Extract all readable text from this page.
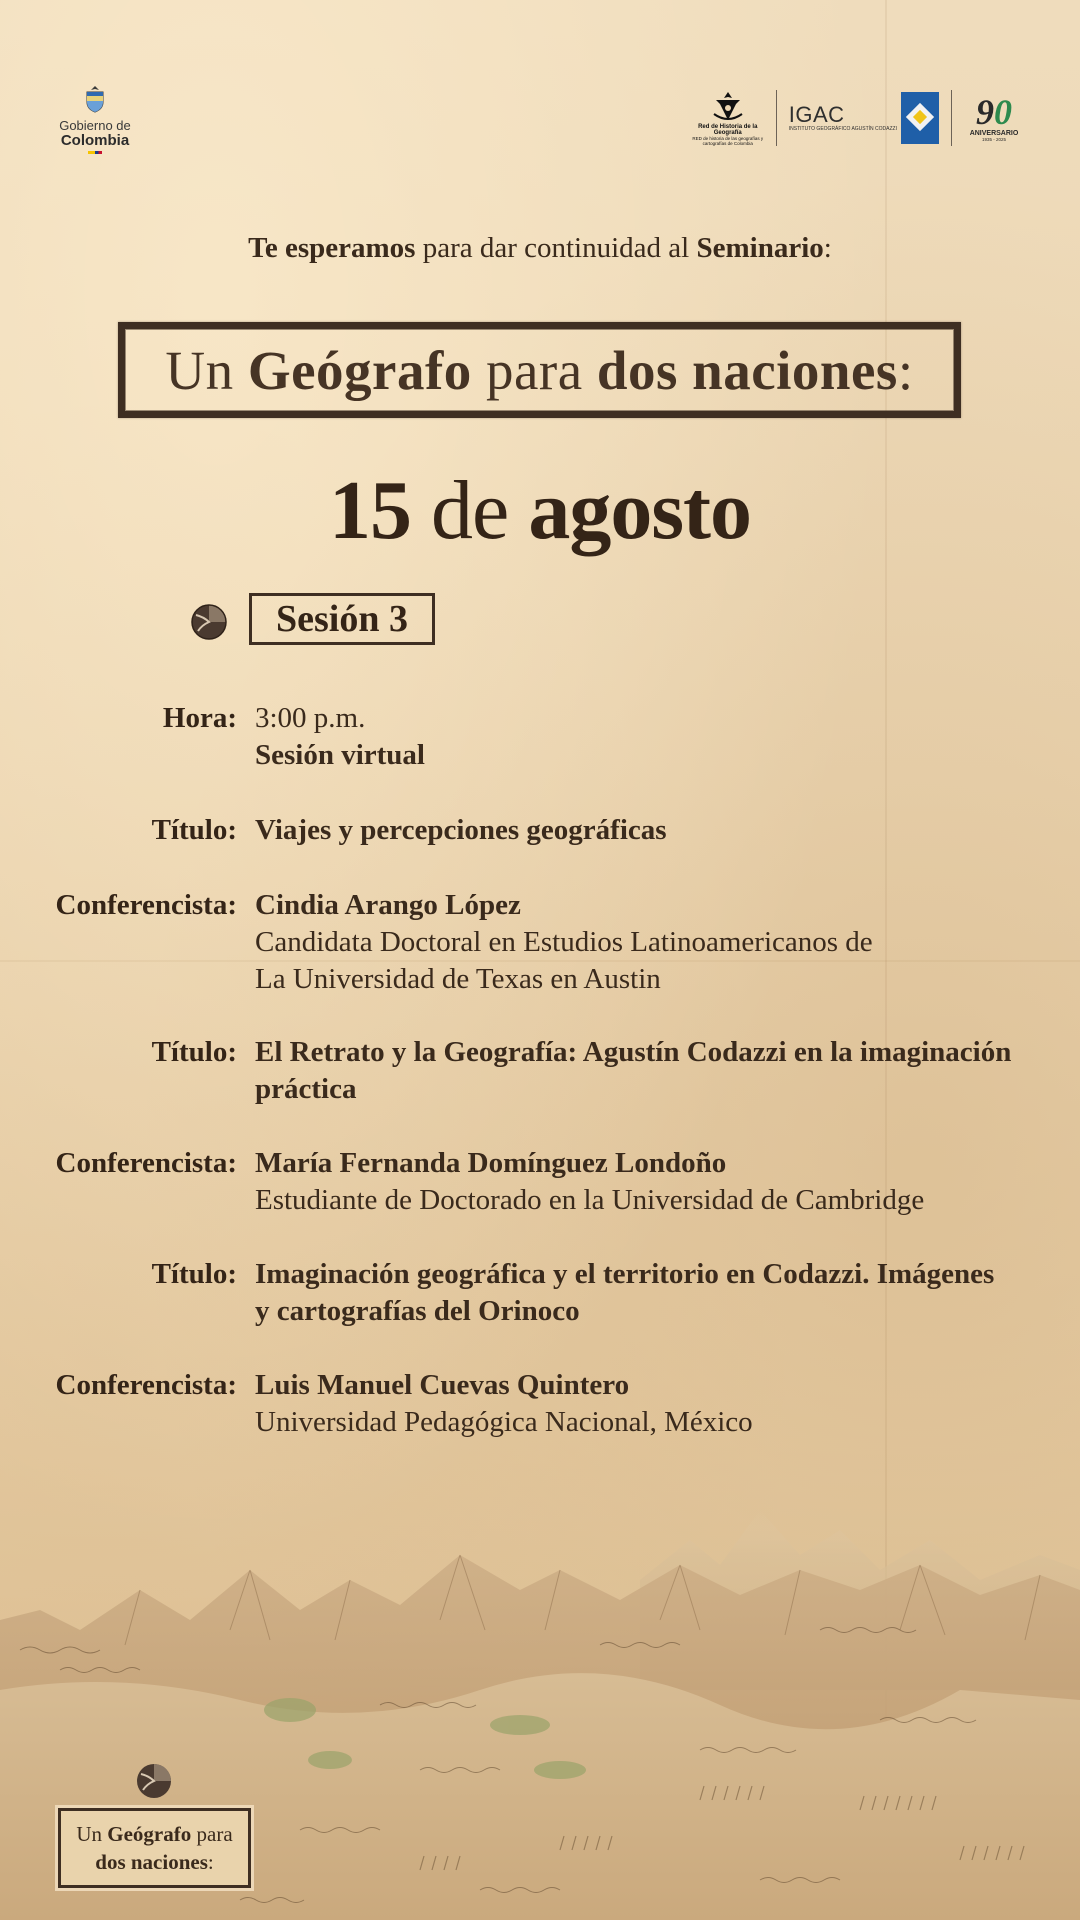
Gobierno de
Colombia
Red de Historia de la Geografía
RED de historia de las geografías y cartografías de Colombia
IGAC
INSTITUTO GEOGRÁFICO AGUSTÍN CODAZZI	90
ANIVERSARIO
1935 - 2025
Te esperamos para dar continuidad al Seminario:
Un Geógrafo para dos naciones:
15 de agosto
Sesión 3
Hora: 3:00 p.m.
Sesión virtual
Título: Viajes y percepciones geográficas
Conferencista: Cindia Arango López
Candidata Doctoral en Estudios Latinoamericanos de
La Universidad de Texas en Austin
Título: El Retrato y la Geografía: Agustín Codazzi en la imaginación
práctica
Conferencista: María Fernanda Domínguez Londoño
Estudiante de Doctorado en la Universidad de Cambridge
Título: Imaginación geográfica y el territorio en Codazzi. Imágenes
y cartografías del Orinoco
Conferencista: Luis Manuel Cuevas Quintero
Universidad Pedagógica Nacional, México
Un Geógrafo para
dos naciones:
